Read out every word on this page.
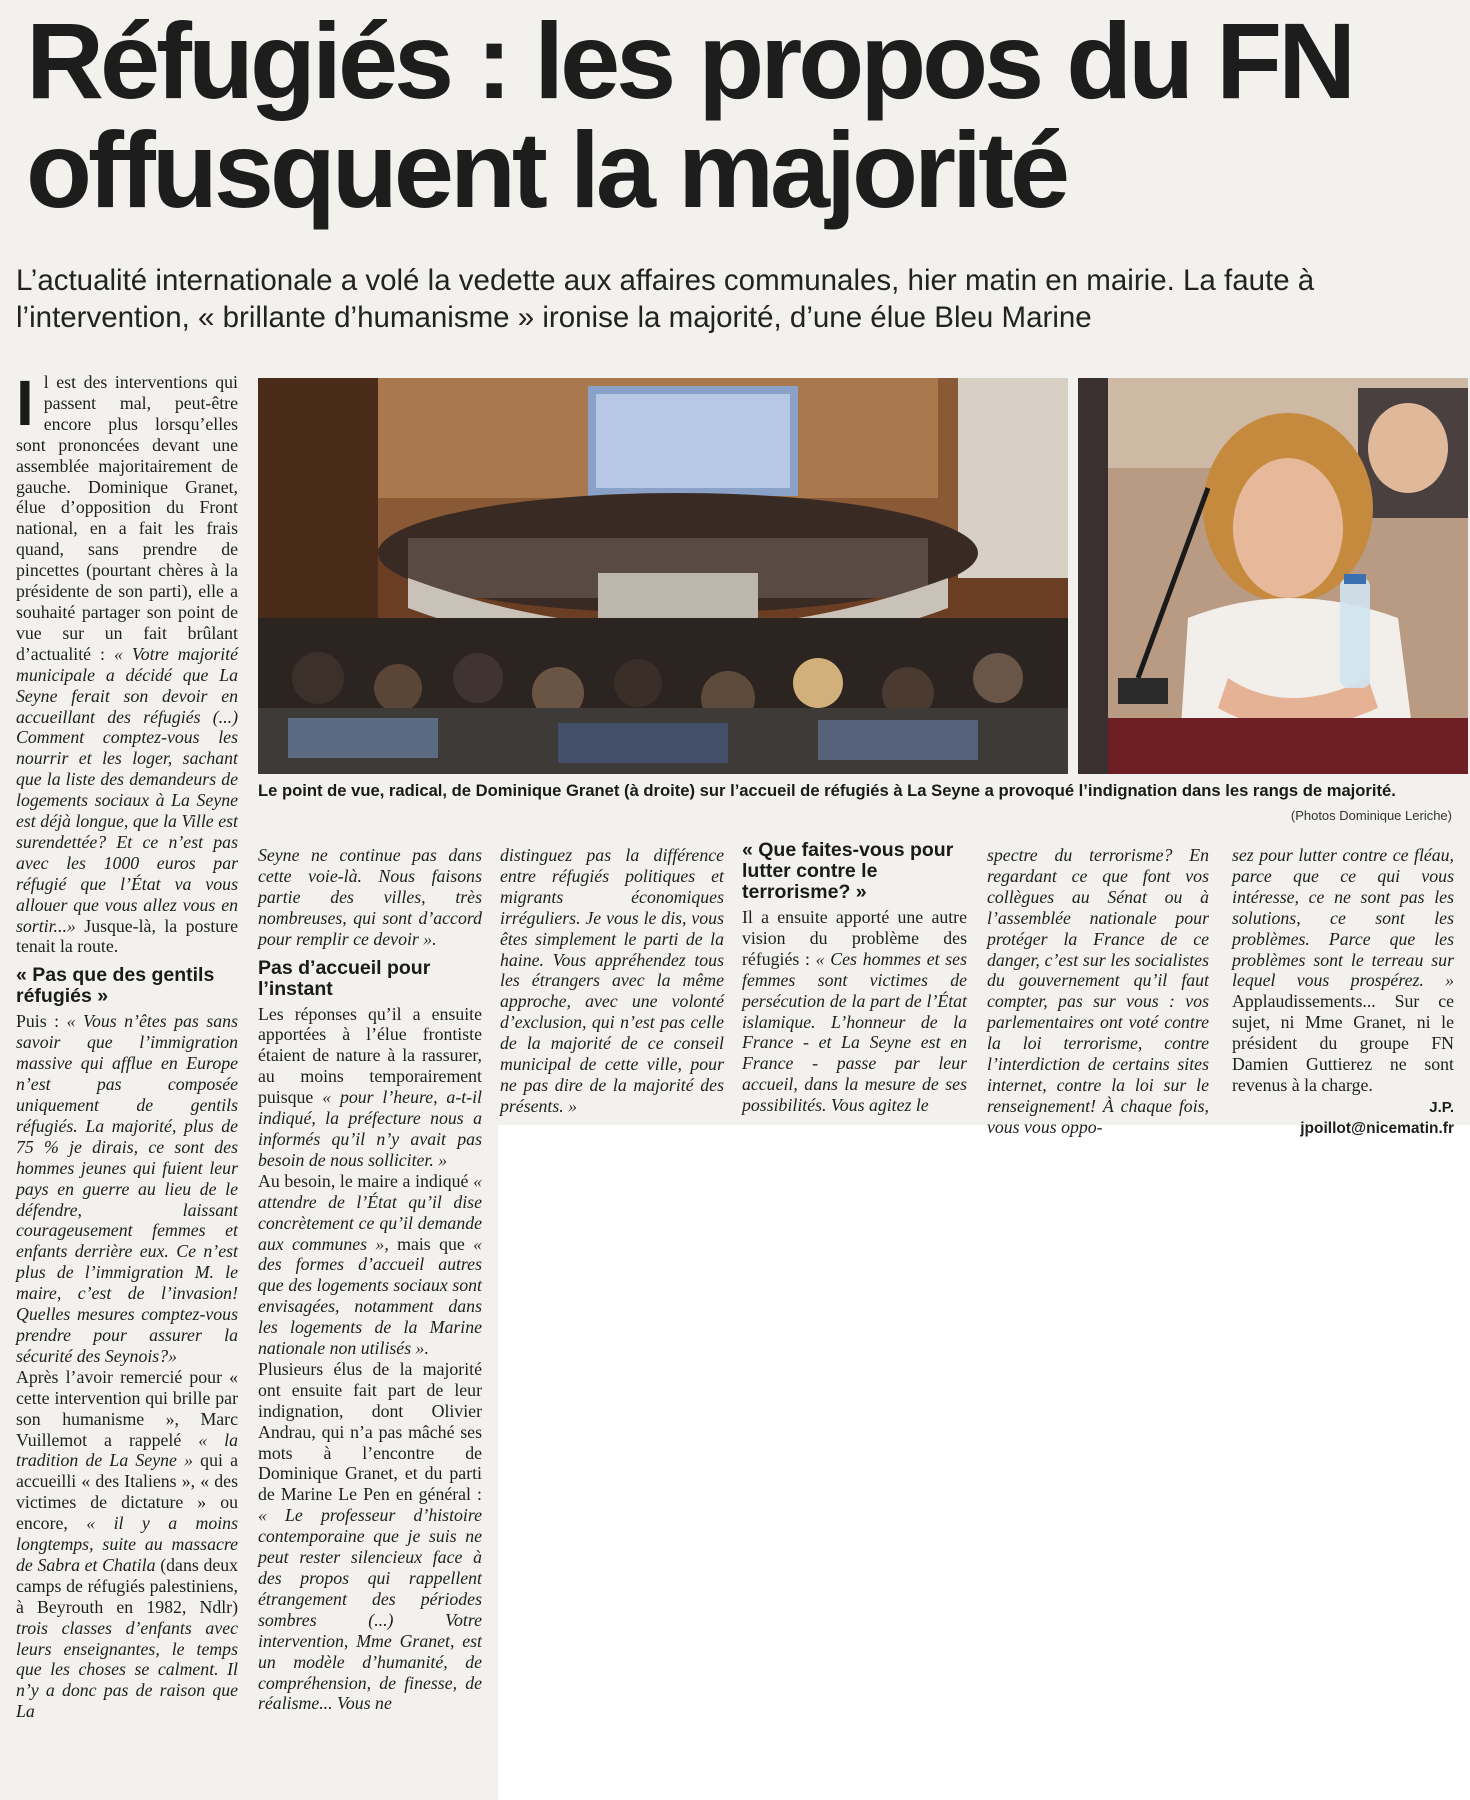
Réfugiés : les propos du FN offusquent la majorité
L’actualité internationale a volé la vedette aux affaires communales, hier matin en mairie. La faute à l’intervention, « brillante d’humanisme » ironise la majorité, d’une élue Bleu Marine

Il est des interventions qui passent mal, peut-être encore plus lorsqu’elles sont prononcées devant une assemblée majoritairement de gauche. Dominique Granet, élue d’opposition du Front national, en a fait les frais quand, sans prendre de pincettes (pourtant chères à la présidente de son parti), elle a souhaité partager son point de vue sur un fait brûlant d’actualité : « Votre majorité municipale a décidé que La Seyne ferait son devoir en accueillant des réfugiés (...) Comment comptez-vous les nourrir et les loger, sachant que la liste des demandeurs de logements sociaux à La Seyne est déjà longue, que la Ville est surendettée? Et ce n’est pas avec les 1000 euros par réfugié que l’État va vous allouer que vous allez vous en sortir...» Jusque-là, la posture tenait la route.

« Pas que des gentils réfugiés »

Puis : « Vous n’êtes pas sans savoir que l’immigration massive qui afflue en Europe n’est pas composée uniquement de gentils réfugiés. La majorité, plus de 75 % je dirais, ce sont des hommes jeunes qui fuient leur pays en guerre au lieu de le défendre, laissant courageusement femmes et enfants derrière eux. Ce n’est plus de l’immigration M. le maire, c’est de l’invasion! Quelles mesures comptez-vous prendre pour assurer la sécurité des Seynois?»

Après l’avoir remercié pour « cette intervention qui brille par son humanisme », Marc Vuillemot a rappelé « la tradition de La Seyne » qui a accueilli « des Italiens », « des victimes de dictature » ou encore, « il y a moins longtemps, suite au massacre de Sabra et Chatila (dans deux camps de réfugiés palestiniens, à Beyrouth en 1982, Ndlr) trois classes d’enfants avec leurs enseignantes, le temps que les choses se calment. Il n’y a donc pas de raison que La

Le point de vue, radical, de Dominique Granet (à droite) sur l’accueil de réfugiés à La Seyne a provoqué l’indignation dans les rangs de majorité.
(Photos Dominique Leriche)

Seyne ne continue pas dans cette voie-là. Nous faisons partie des villes, très nombreuses, qui sont d’accord pour remplir ce devoir ».

Pas d’accueil pour l’instant

Les réponses qu’il a ensuite apportées à l’élue frontiste étaient de nature à la rassurer, au moins temporairement puisque « pour l’heure, a-t-il indiqué, la préfecture nous a informés qu’il n’y avait pas besoin de nous solliciter. »

Au besoin, le maire a indiqué « attendre de l’État qu’il dise concrètement ce qu’il demande aux communes », mais que « des formes d’accueil autres que des logements sociaux sont envisagées, notamment dans les logements de la Marine nationale non utilisés ».

Plusieurs élus de la majorité ont ensuite fait part de leur indignation, dont Olivier Andrau, qui n’a pas mâché ses mots à l’encontre de Dominique Granet, et du parti de Marine Le Pen en général : « Le professeur d’histoire contemporaine que je suis ne peut rester silencieux face à des propos qui rappellent étrangement des périodes sombres (...) Votre intervention, Mme Granet, est un modèle d’humanité, de compréhension, de finesse, de réalisme... Vous ne

distinguez pas la différence entre réfugiés politiques et migrants économiques irréguliers. Je vous le dis, vous êtes simplement le parti de la haine. Vous appréhendez tous les étrangers avec la même approche, avec une volonté d’exclusion, qui n’est pas celle de la majorité de ce conseil municipal de cette ville, pour ne pas dire de la majorité des présents. »

« Que faites-vous pour lutter contre le terrorisme? »

Il a ensuite apporté une autre vision du problème des réfugiés : « Ces hommes et ses femmes sont victimes de persécution de la part de l’État islamique. L’honneur de la France - et La Seyne est en France - passe par leur accueil, dans la mesure de ses possibilités. Vous agitez le

spectre du terrorisme? En regardant ce que font vos collègues au Sénat ou à l’assemblée nationale pour protéger la France de ce danger, c’est sur les socialistes du gouvernement qu’il faut compter, pas sur vous : vos parlementaires ont voté contre la loi terrorisme, contre l’interdiction de certains sites internet, contre la loi sur le renseignement! À chaque fois, vous vous oppo-

sez pour lutter contre ce fléau, parce que ce qui vous intéresse, ce ne sont pas les solutions, ce sont les problèmes. Parce que les problèmes sont le terreau sur lequel vous prospérez. » Applaudissements... Sur ce sujet, ni Mme Granet, ni le président du groupe FN Damien Guttierez ne sont revenus à la charge.

J.P.
jpoillot@nicematin.fr
